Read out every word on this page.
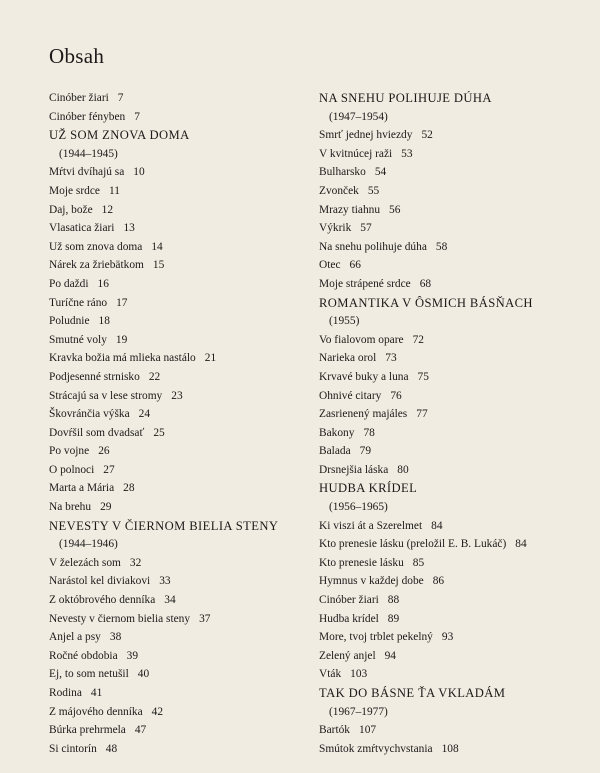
Obsah
Cinóber žiari 7
Cinóber fényben 7
UŽ SOM ZNOVA DOMA
(1944–1945)
Mŕtvi dvíhajú sa 10
Moje srdce 11
Daj, bože 12
Vlasatica žiari 13
Už som znova doma 14
Nárek za žriebätkom 15
Po daždi 16
Turíčne ráno 17
Poludnie 18
Smutné voly 19
Kravka božia má mlieka nastálo 21
Podjesenné strnisko 22
Strácajú sa v lese stromy 23
Škovránčia výška 24
Dovŕšil som dvadsať 25
Po vojne 26
O polnoci 27
Marta a Mária 28
Na brehu 29
NEVESTY V ČIERNOM BIELIA STENY
(1944–1946)
V železách som 32
Narástol kel diviakovi 33
Z októbrového denníka 34
Nevesty v čiernom bielia steny 37
Anjel a psy 38
Ročné obdobia 39
Ej, to som netušil 40
Rodina 41
Z májového denníka 42
Búrka prehrmela 47
Si cintorín 48
NA SNEHU POLIHUJE DÚHA
(1947–1954)
Smrť jednej hviezdy 52
V kvitnúcej raži 53
Bulharsko 54
Zvonček 55
Mrazy tiahnu 56
Výkrik 57
Na snehu polihuje dúha 58
Otec 66
Moje strápené srdce 68
ROMANTIKA V ÔSMICH BÁSŇACH
(1955)
Vo fialovom opare 72
Narieka orol 73
Krvavé buky a luna 75
Ohnivé citary 76
Zasrienený majáles 77
Bakony 78
Balada 79
Drsnejšia láska 80
HUDBA KRÍDEL
(1956–1965)
Ki viszi át a Szerelmet 84
Kto prenesie lásku (preložil E. B. Lukáč) 84
Kto prenesie lásku 85
Hymnus v každej dobe 86
Cinóber žiari 88
Hudba krídel 89
More, tvoj trblet pekelný 93
Zelený anjel 94
Vták 103
TAK DO BÁSNE ŤA VKLADÁM
(1967–1977)
Bartók 107
Smútok zmŕtvychvstania 108
